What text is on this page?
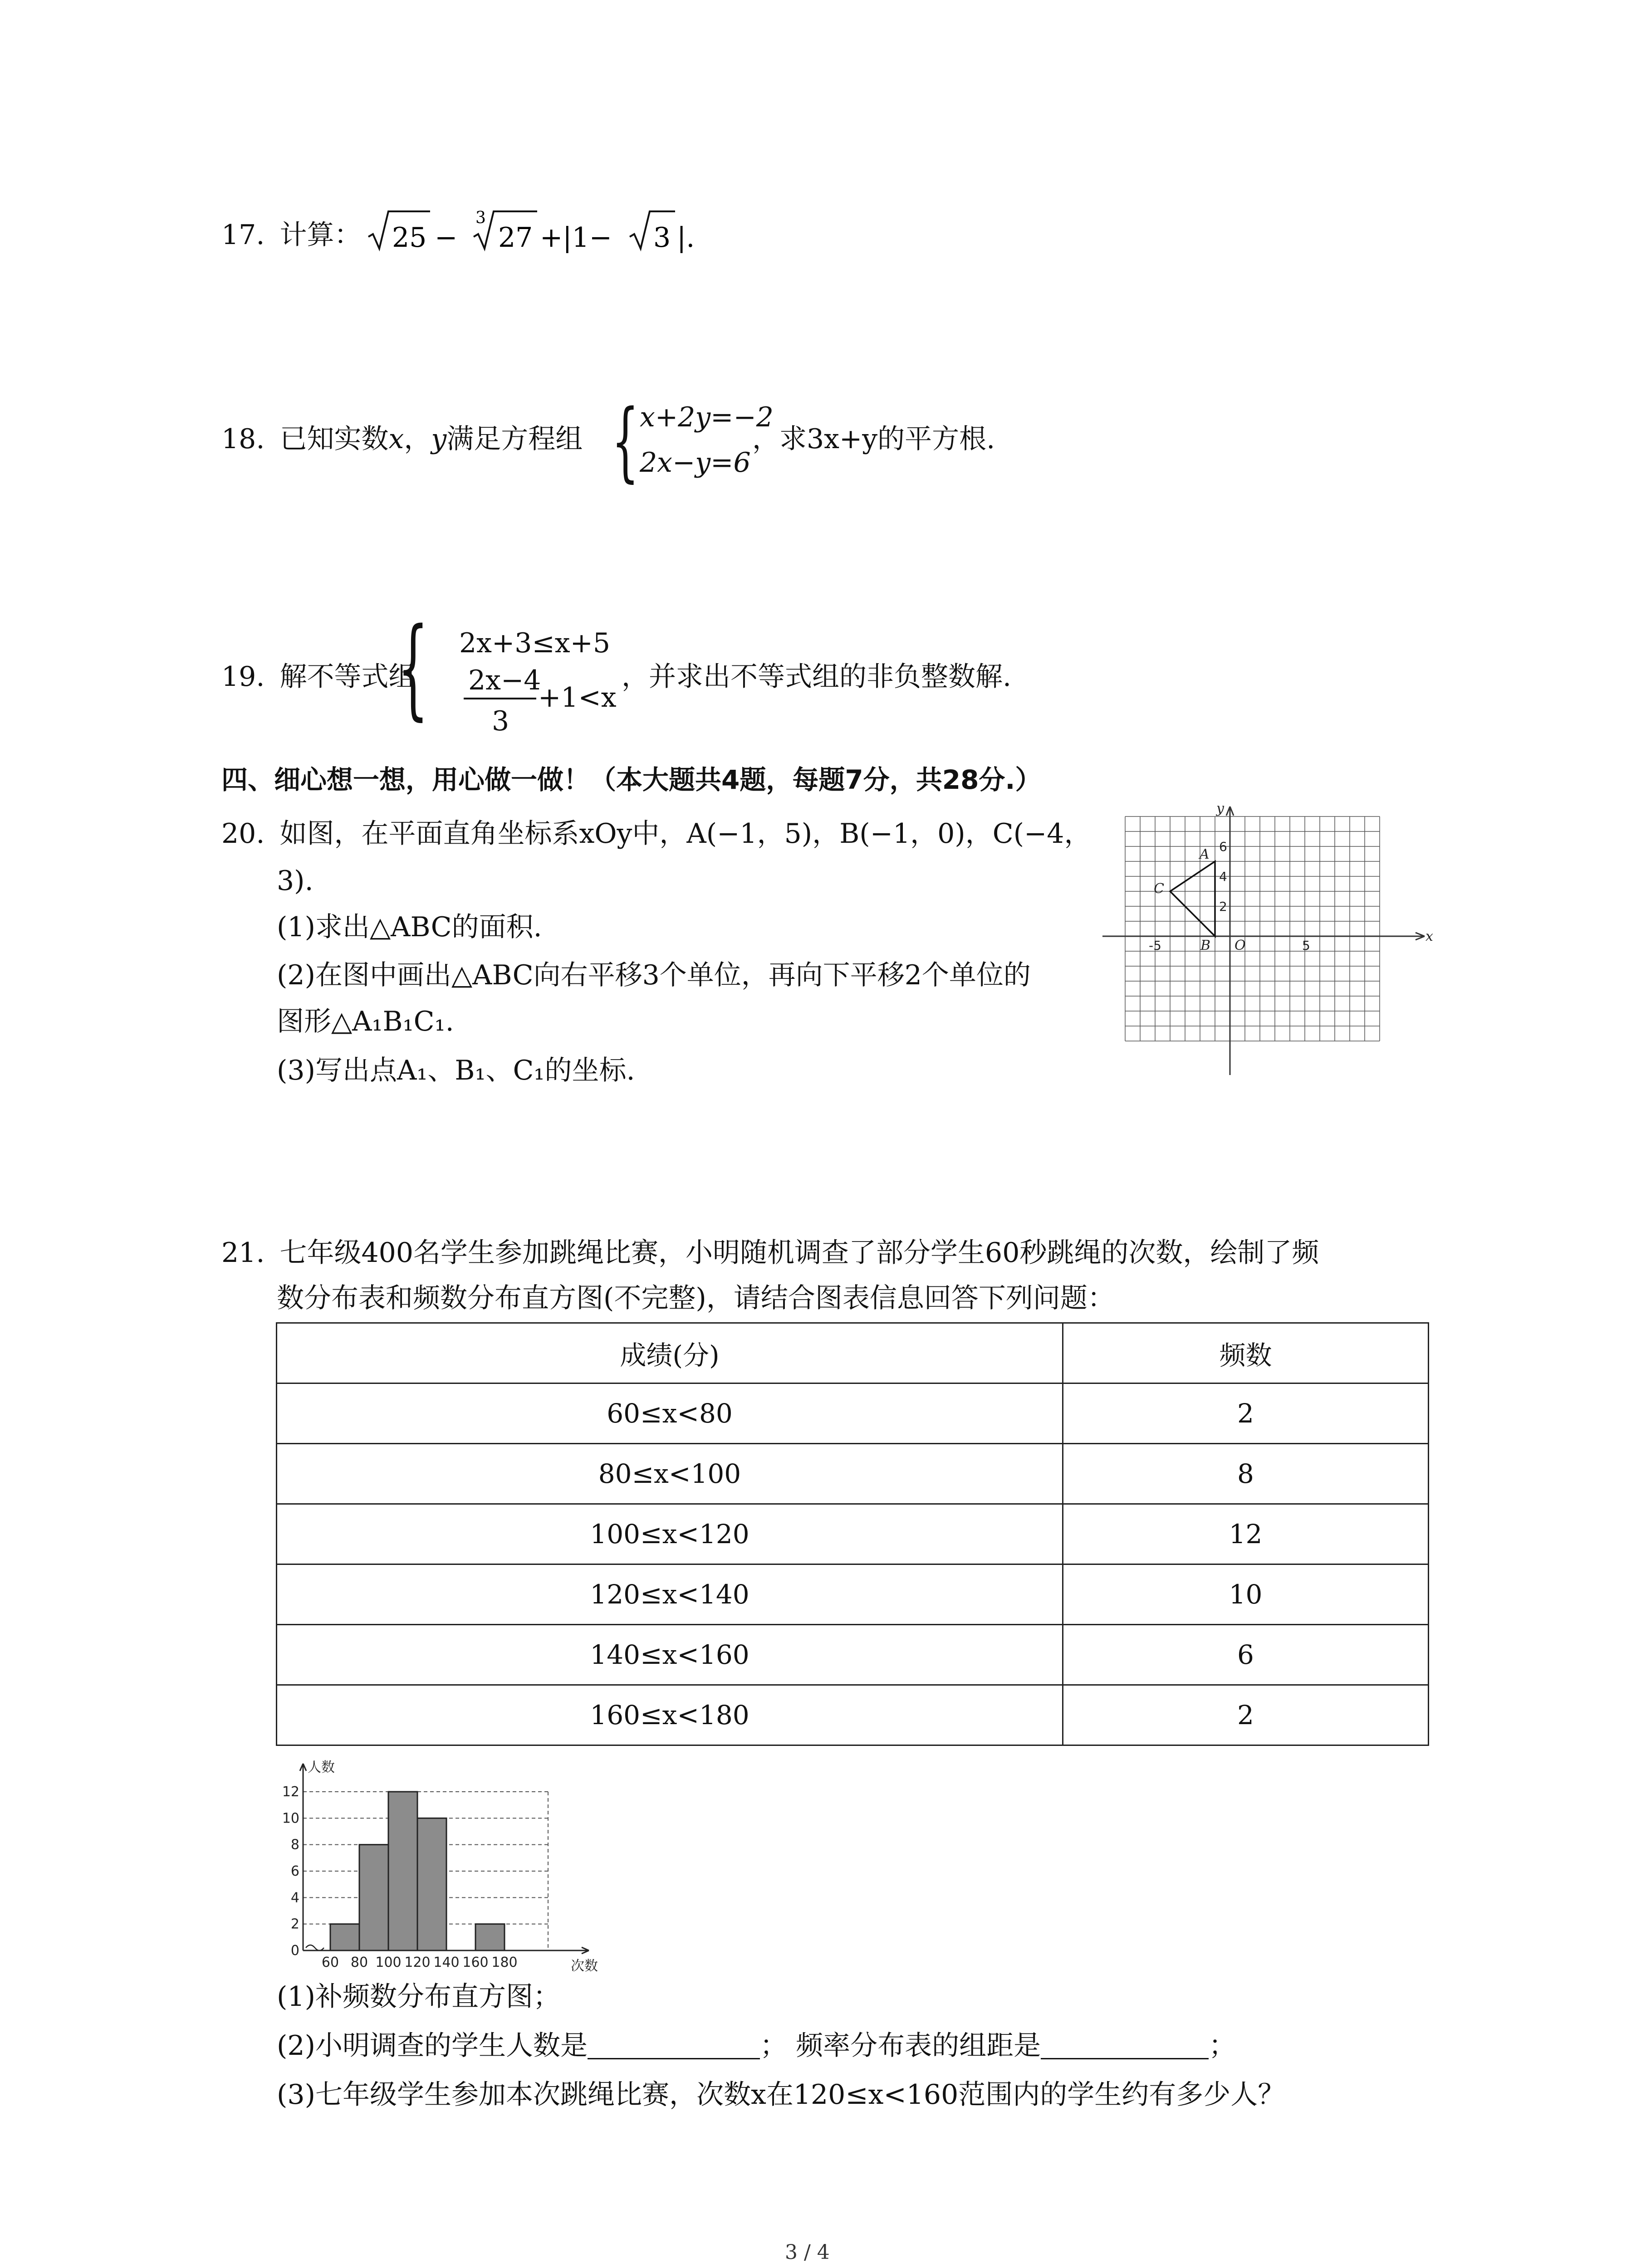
17. 计算： 25 −
3
27 +|1− 3 |.
18. 已知实数x，y满足方程组 { x+2y=−2
2x−y=6
，求3x+y的平方根.
19. 解不等式组
{ 2x+3≤x+5
2x−4
3
+1<x
，并求出不等式组的非负整数解.
四、细心想一想，用心做一做！（本大题共4题，每题7分，共28分.）
20. 如图，在平面直角坐标系xOy中，A(−1，5)，B(−1，0)，C(−4，
3).
(1)求出△ABC的面积.
(2)在图中画出△ABC向右平移3个单位，再向下平移2个单位的
图形△A₁B₁C₁.
(3)写出点A₁、B₁、C₁的坐标.
y
x
O
-5	5
2
4
6
A
B
C
21. 七年级400名学生参加跳绳比赛，小明随机调查了部分学生60秒跳绳的次数，绘制了频
数分布表和频数分布直方图(不完整)，请结合图表信息回答下列问题：
成绩(分)	频数
60≤x<80	2
80≤x<100	8
100≤x<120	12
120≤x<140	10
140≤x<160	6
160≤x<180	2
0
2
4
6
8
10
12
60 80 100 120 140 160 180
人数
次数
(1)补频数分布直方图；
(2)小明调查的学生人数是	； 频率分布表的组距是	；
(3)七年级学生参加本次跳绳比赛，次数x在120≤x<160范围内的学生约有多少人？
3 / 4
